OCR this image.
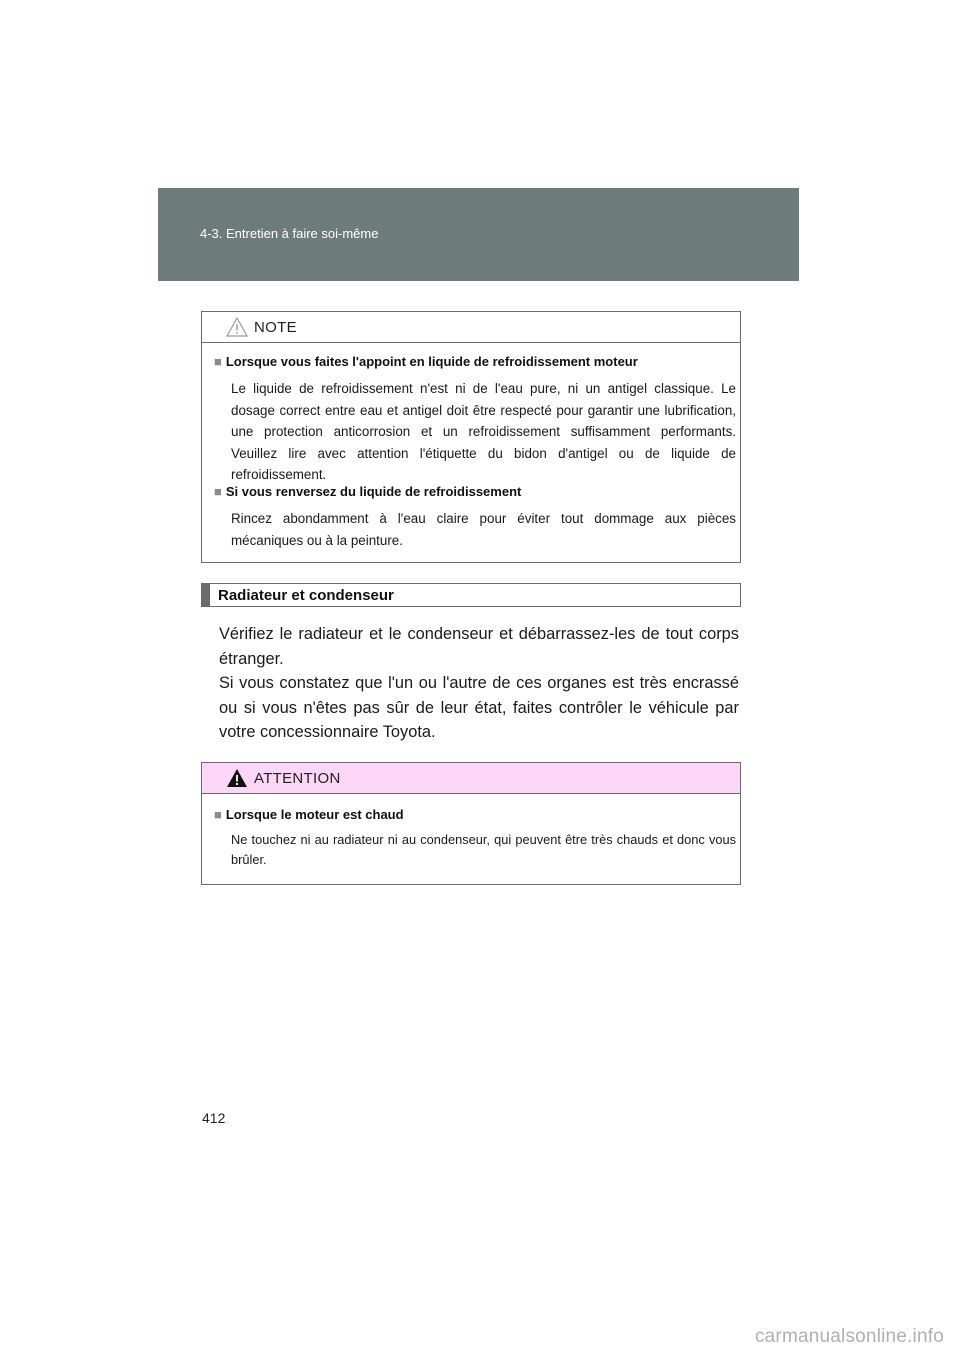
4-3. Entretien à faire soi-même
NOTE
■ Lorsque vous faites l'appoint en liquide de refroidissement moteur
Le liquide de refroidissement n'est ni de l'eau pure, ni un antigel classique. Le dosage correct entre eau et antigel doit être respecté pour garantir une lubrification, une protection anticorrosion et un refroidissement suffisamment performants. Veuillez lire avec attention l'étiquette du bidon d'antigel ou de liquide de refroidissement.
■ Si vous renversez du liquide de refroidissement
Rincez abondamment à l'eau claire pour éviter tout dommage aux pièces mécaniques ou à la peinture.
Radiateur et condenseur

Vérifiez le radiateur et le condenseur et débarrassez-les de tout corps étranger.

Si vous constatez que l'un ou l'autre de ces organes est très encrassé ou si vous n'êtes pas sûr de leur état, faites contrôler le véhicule par votre concessionnaire Toyota.

ATTENTION
■ Lorsque le moteur est chaud
Ne touchez ni au radiateur ni au condenseur, qui peuvent être très chauds et donc vous brûler.
412
carmanualsonline.info
